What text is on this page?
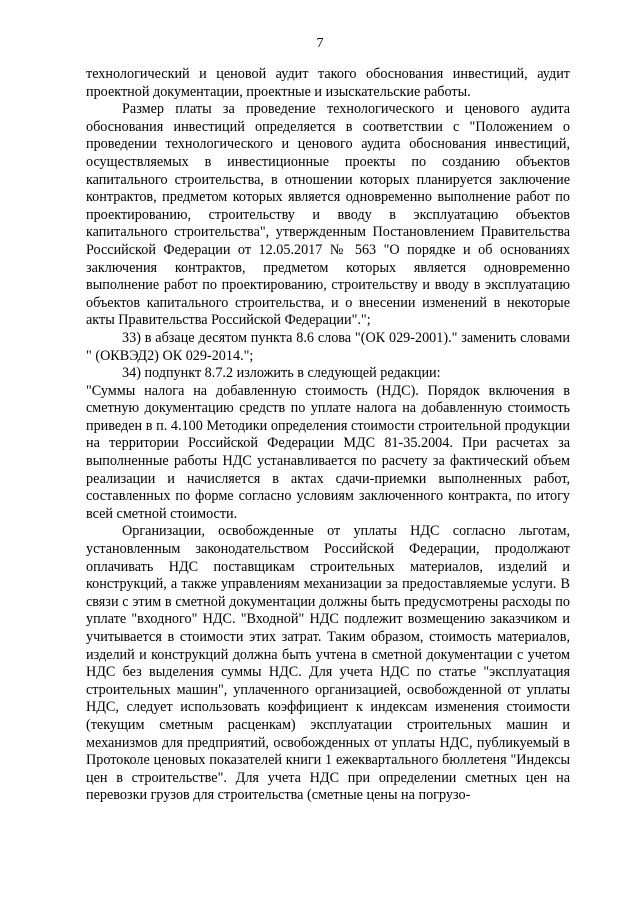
7

технологический и ценовой аудит такого обоснования инвестиций, аудит проектной документации, проектные и изыскательские работы.

Размер платы за проведение технологического и ценового аудита обоснования инвестиций определяется в соответствии с "Положением о проведении технологического и ценового аудита обоснования инвестиций, осуществляемых в инвестиционные проекты по созданию объектов капитального строительства, в отношении которых планируется заключение контрактов, предметом которых является одновременно выполнение работ по проектированию, строительству и вводу в эксплуатацию объектов капитального строительства", утвержденным Постановлением Правительства Российской Федерации от 12.05.2017 № 563 "О порядке и об основаниях заключения контрактов, предметом которых является одновременно выполнение работ по проектированию, строительству и вводу в эксплуатацию объектов капитального строительства, и о внесении изменений в некоторые акты Правительства Российской Федерации".";

33) в абзаце десятом пункта 8.6 слова "(ОК 029-2001)." заменить словами " (ОКВЭД2) ОК 029-2014.";

34) подпункт 8.7.2 изложить в следующей редакции:

"Суммы налога на добавленную стоимость (НДС). Порядок включения в сметную документацию средств по уплате налога на добавленную стоимость приведен в п. 4.100 Методики определения стоимости строительной продукции на территории Российской Федерации МДС 81-35.2004. При расчетах за выполненные работы НДС устанавливается по расчету за фактический объем реализации и начисляется в актах сдачи-приемки выполненных работ, составленных по форме согласно условиям заключенного контракта, по итогу всей сметной стоимости.

Организации, освобожденные от уплаты НДС согласно льготам, установленным законодательством Российской Федерации, продолжают оплачивать НДС поставщикам строительных материалов, изделий и конструкций, а также управлениям механизации за предоставляемые услуги. В связи с этим в сметной документации должны быть предусмотрены расходы по уплате "входного" НДС. "Входной" НДС подлежит возмещению заказчиком и учитывается в стоимости этих затрат. Таким образом, стоимость материалов, изделий и конструкций должна быть учтена в сметной документации с учетом НДС без выделения суммы НДС. Для учета НДС по статье "эксплуатация строительных машин", уплаченного организацией, освобожденной от уплаты НДС, следует использовать коэффициент к индексам изменения стоимости (текущим сметным расценкам) эксплуатации строительных машин и механизмов для предприятий, освобожденных от уплаты НДС, публикуемый в Протоколе ценовых показателей книги 1 ежеквартального бюллетеня "Индексы цен в строительстве". Для учета НДС при определении сметных цен на перевозки грузов для строительства (сметные цены на погрузо-
